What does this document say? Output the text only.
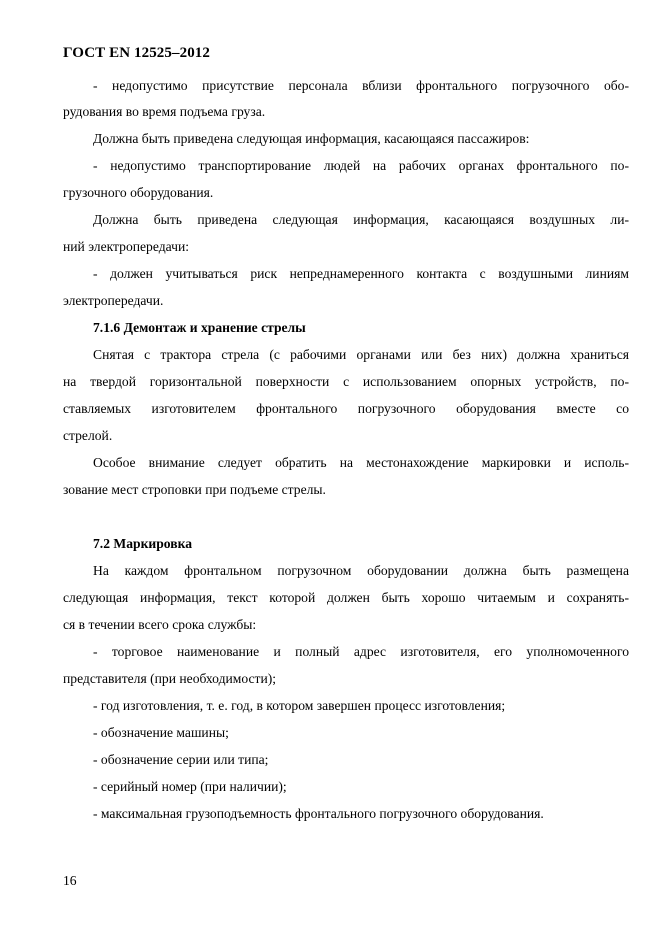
ГОСТ EN 12525–2012
- недопустимо присутствие персонала вблизи фронтального погрузочного обо-
рудования во время подъема груза.
Должна быть приведена следующая информация, касающаяся пассажиров:
- недопустимо транспортирование людей на рабочих органах фронтального по-
грузочного оборудования.
Должна быть приведена следующая информация, касающаяся воздушных ли-
ний электропередачи:
- должен учитываться риск непреднамеренного контакта с воздушными линиям
электропередачи.
7.1.6 Демонтаж и хранение стрелы
Снятая с трактора стрела (с рабочими органами или без них) должна храниться
на твердой горизонтальной поверхности с использованием опорных устройств, по-
ставляемых изготовителем фронтального погрузочного оборудования вместе со
стрелой.
Особое внимание следует обратить на местонахождение маркировки и исполь-
зование мест строповки при подъеме стрелы.
7.2 Маркировка
На каждом фронтальном погрузочном оборудовании должна быть размещена
следующая информация, текст которой должен быть хорошо читаемым и сохранять-
ся в течении всего срока службы:
- торговое наименование и полный адрес изготовителя, его уполномоченного
представителя (при необходимости);
- год изготовления, т. е. год, в котором завершен процесс изготовления;
- обозначение машины;
- обозначение серии или типа;
- серийный номер (при наличии);
- максимальная грузоподъемность фронтального погрузочного оборудования.
16
